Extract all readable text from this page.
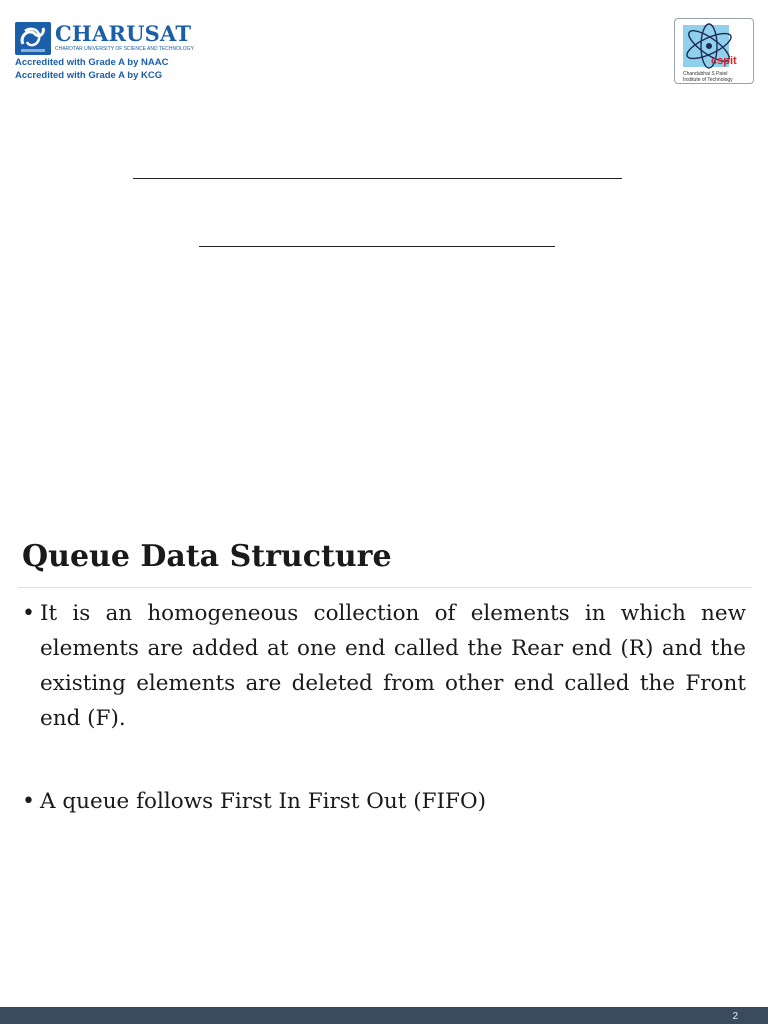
CHARUSAT
CHAROTAR UNIVERSITY OF SCIENCE AND TECHNOLOGY
Accredited with Grade A by NAAC
Accredited with Grade A by KCG
cspit
Chandubhai S Patel
Institute of Technology
Queue Data Structure
• It is an homogeneous collection of elements in which new elements are added at one end called the Rear end (R) and the existing elements are deleted from other end called the Front end (F).
• A queue follows First In First Out (FIFO)
2
